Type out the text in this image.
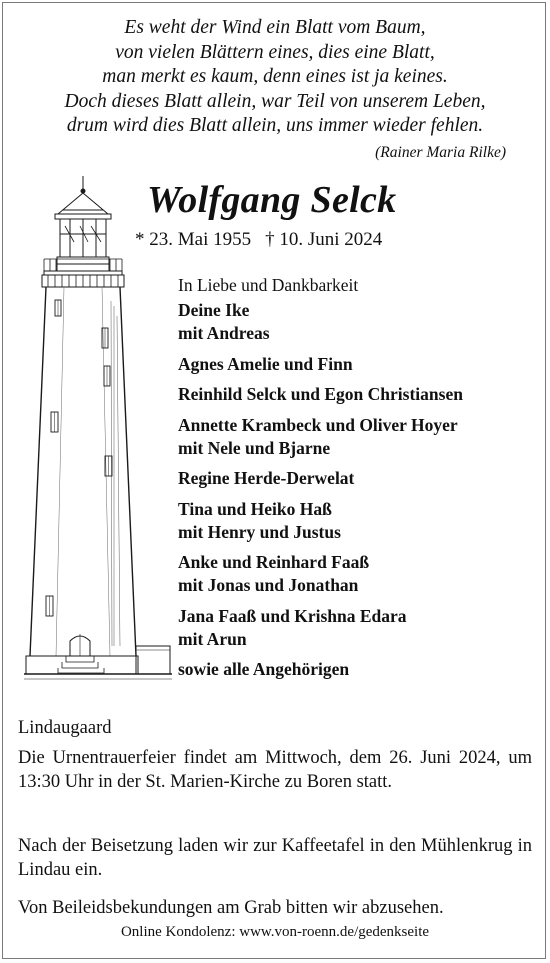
Es weht der Wind ein Blatt vom Baum,
von vielen Blättern eines, dies eine Blatt,
man merkt es kaum, denn eines ist ja keines.
Doch dieses Blatt allein, war Teil von unserem Leben,
drum wird dies Blatt allein, uns immer wieder fehlen.
(Rainer Maria Rilke)
Wolfgang Selck
* 23. Mai 1955 † 10. Juni 2024
In Liebe und Dankbarkeit
Deine Ike
mit Andreas
Agnes Amelie und Finn
Reinhild Selck und Egon Christiansen
Annette Krambeck und Oliver Hoyer
mit Nele und Bjarne
Regine Herde-Derwelat
Tina und Heiko Haß
mit Henry und Justus
Anke und Reinhard Faaß
mit Jonas und Jonathan
Jana Faaß und Krishna Edara
mit Arun
sowie alle Angehörigen
Lindaugaard
Die Urnentrauerfeier findet am Mittwoch, dem 26. Juni 2024, um 13:30 Uhr in der St. Marien-Kirche zu Boren statt.
Nach der Beisetzung laden wir zur Kaffeetafel in den Mühlenkrug in Lindau ein.
Von Beileidsbekundungen am Grab bitten wir abzusehen.
Online Kondolenz: www.von-roenn.de/gedenkseite
